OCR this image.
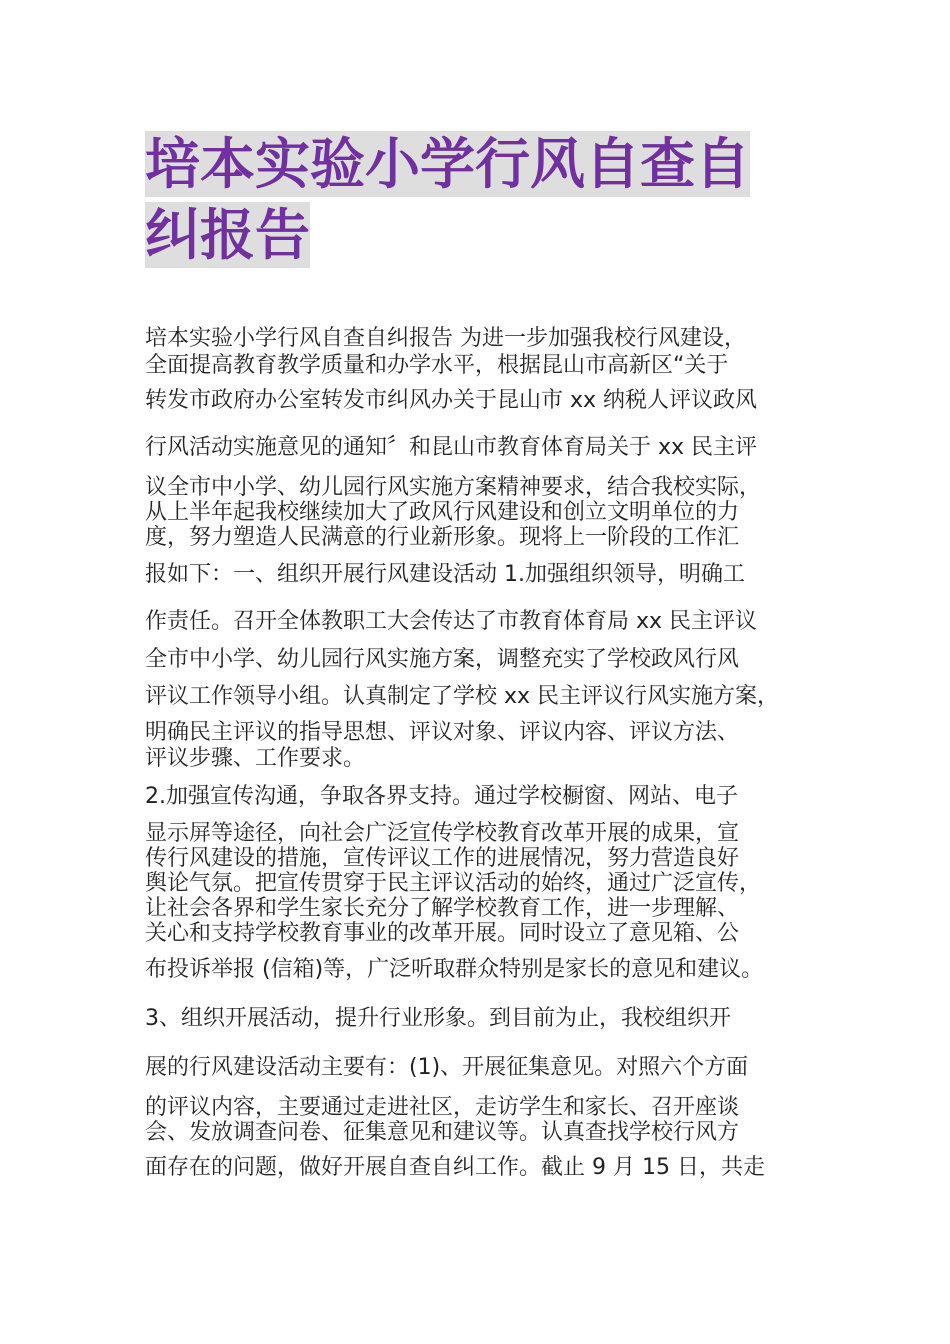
培本实验小学行风自查自
纠报告
培本实验小学行风自查自纠报告 为进一步加强我校行风建设，
全面提高教育教学质量和办学水平，根据昆山市高新区“关于
转发市政府办公室转发市纠风办关于昆山市 xx 纳税人评议政风
行风活动实施意见的通知〞和昆山市教育体育局关于 xx 民主评
议全市中小学、幼儿园行风实施方案精神要求，结合我校实际，
从上半年起我校继续加大了政风行风建设和创立文明单位的力
度，努力塑造人民满意的行业新形象。现将上一阶段的工作汇
报如下：一、组织开展行风建设活动 1.加强组织领导，明确工
作责任。召开全体教职工大会传达了市教育体育局 xx 民主评议
全市中小学、幼儿园行风实施方案，调整充实了学校政风行风
评议工作领导小组。认真制定了学校 xx 民主评议行风实施方案，
明确民主评议的指导思想、评议对象、评议内容、评议方法、
评议步骤、工作要求。
2.加强宣传沟通，争取各界支持。通过学校橱窗、网站、电子
显示屏等途径，向社会广泛宣传学校教育改革开展的成果，宣
传行风建设的措施，宣传评议工作的进展情况，努力营造良好
舆论气氛。把宣传贯穿于民主评议活动的始终，通过广泛宣传，
让社会各界和学生家长充分了解学校教育工作，进一步理解、
关心和支持学校教育事业的改革开展。同时设立了意见箱、公
布投诉举报 (信箱)等，广泛听取群众特别是家长的意见和建议。
3、组织开展活动，提升行业形象。到目前为止，我校组织开
展的行风建设活动主要有：(1)、开展征集意见。对照六个方面
的评议内容，主要通过走进社区，走访学生和家长、召开座谈
会、发放调查问卷、征集意见和建议等。认真查找学校行风方
面存在的问题，做好开展自查自纠工作。截止 9 月 15 日，共走
